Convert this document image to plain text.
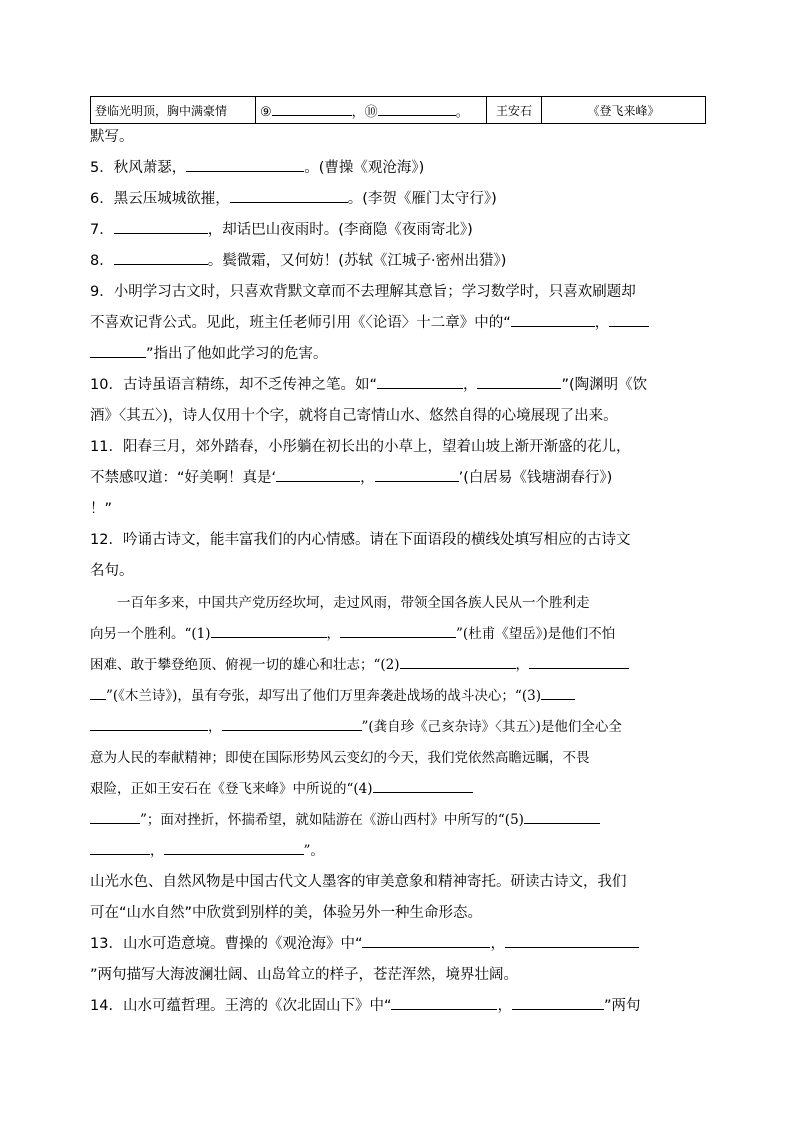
登临光明顶，胸中满豪情	⑨	，⑩	。	王安石	《登飞来峰》
默写。
5．秋风萧瑟，	。(曹操《观沧海》)
6．黑云压城城欲摧，	。(李贺《雁门太守行》)
7．	，却话巴山夜雨时。(李商隐《夜雨寄北》)
8．	。鬓微霜，又何妨！(苏轼《江城子·密州出猎》)
9．小明学习古文时，只喜欢背默文章而不去理解其意旨；学习数学时，只喜欢刷题却
不喜欢记背公式。见此，班主任老师引用《〈论语〉十二章》中的“	，
”指出了他如此学习的危害。
10．古诗虽语言精练，却不乏传神之笔。如“	，	”(陶渊明《饮
酒》〈其五〉)，诗人仅用十个字，就将自己寄情山水、悠然自得的心境展现了出来。
11．阳春三月，郊外踏春，小彤躺在初长出的小草上，望着山坡上渐开渐盛的花儿，
不禁感叹道：“好美啊！真是‘	，	’(白居易《钱塘湖春行》)
！”
12．吟诵古诗文，能丰富我们的内心情感。请在下面语段的横线处填写相应的古诗文
名句。
一百年多来，中国共产党历经坎坷，走过风雨，带领全国各族人民从一个胜利走
向另一个胜利。“(1)	，	”(杜甫《望岳》)是他们不怕
困难、敢于攀登绝顶、俯视一切的雄心和壮志；“(2)	，
”(《木兰诗》)，虽有夸张，却写出了他们万里奔袭赴战场的战斗决心；“(3)
，	”(龚自珍《己亥杂诗》〈其五〉)是他们全心全
意为人民的奉献精神；即使在国际形势风云变幻的今天，我们党依然高瞻远瞩，不畏
艰险，正如王安石在《登飞来峰》中所说的“(4)
”；面对挫折，怀揣希望，就如陆游在《游山西村》中所写的“(5)
，	”。
山光水色、自然风物是中国古代文人墨客的审美意象和精神寄托。研读古诗文，我们
可在“山水自然”中欣赏到别样的美，体验另外一种生命形态。
13．山水可造意境。曹操的《观沧海》中“	，
”两句描写大海波澜壮阔、山岛耸立的样子，苍茫浑然，境界壮阔。
14．山水可蕴哲理。王湾的《次北固山下》中“	，	”两句
